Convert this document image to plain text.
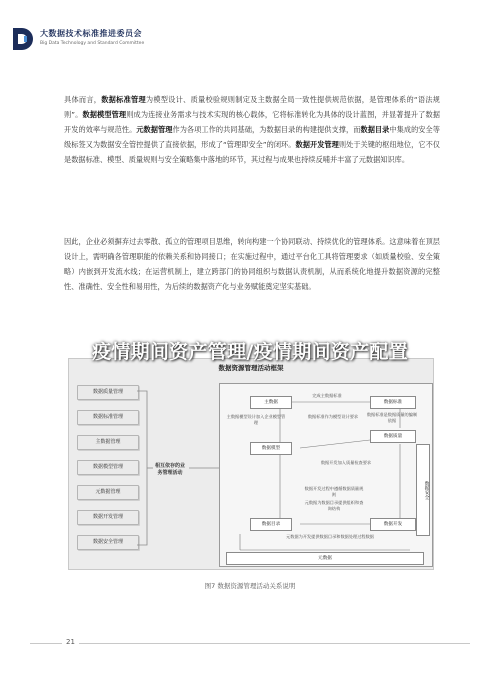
大数据技术标准推进委员会
Big Data Technology and Standard Committee
具体而言，数据标准管理为模型设计、质量校验规则制定及主数据全局一致性提供规范依据，是管理体系的“语法规则”。数据模型管理则成为连接业务需求与技术实现的核心载体，它将标准转化为具体的设计蓝图，并显著提升了数据开发的效率与规范性。元数据管理作为各项工作的共同基础，为数据目录的构建提供支撑，而数据目录中集成的安全等级标签又为数据安全管控提供了直接依据，形成了“管理即安全”的闭环。数据开发管理则处于关键的枢纽地位，它不仅是数据标准、模型、质量规则与安全策略集中落地的环节，其过程与成果也持续反哺并丰富了元数据知识库。
因此，企业必须摒弃过去零散、孤立的管理项目思维，转向构建一个协同联动、持续优化的管理体系。这意味着在顶层设计上，需明确各管理职能的依赖关系和协同接口；在实施过程中，通过平台化工具将管理要求（如质量校验、安全策略）内嵌到开发流水线；在运营机制上，建立跨部门的协同组织与数据认责机制，从而系统化地提升数据资源的完整性、准确性、安全性和易用性，为后续的数据资产化与业务赋能奠定坚实基础。
疫情期间资产管理/疫情期间资产配置
数据资源管理活动框架
数据质量管理
数据标准管理
主数据管理
数据模型管理
元数据管理
数据开发管理
数据安全管理
相互依存的业务管理活动
主数据
完成主数据标准
数据标准
主数据模型设计加入企业模型管理
数据标准作为模型设计要求	数据标准是数据质量的编制依据
数据模型
数据质量
数据安全
数据开发加入质量检查要求
数据开发过程中遵循数据质量规则
元数据为数据目录提供组织和查询结构
数据目录	数据开发
元数据为开发提供数据目录和数据处理过程数据
元数据
图7 数据资源管理活动关系说明
21
